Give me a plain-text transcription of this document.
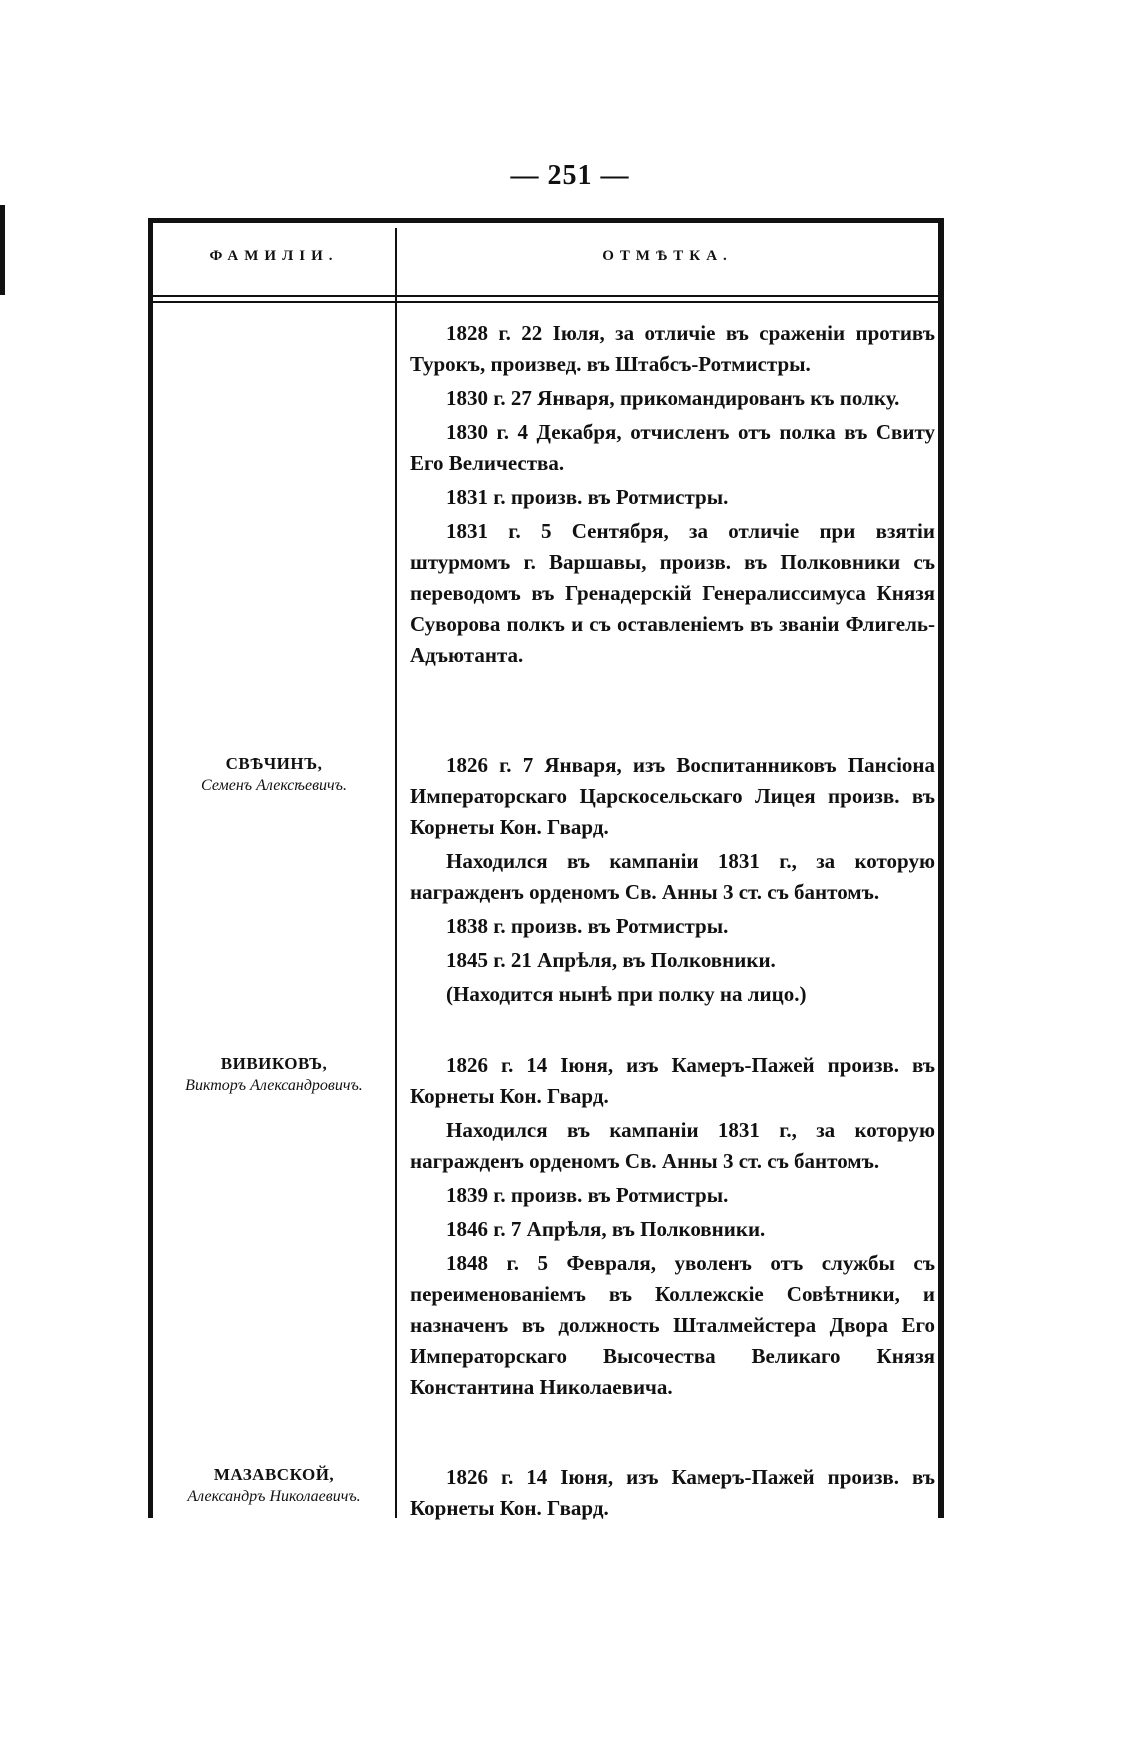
— 251 —
ФАМИЛІИ.	ОТМѢТКА.
СВѢЧИНЪ,
Семенъ Алексѣевичъ.
ВИВИКОВЪ,
Викторъ Александровичъ.
МАЗАВСКОЙ,
Александръ Николаевичъ.

1828 г. 22 Іюля, за отличіе въ сраженіи противъ Турокъ, произвед. въ Штабсъ-Ротмистры.

1830 г. 27 Января, прикомандированъ къ полку.

1830 г. 4 Декабря, отчисленъ отъ полка въ Свиту Его Величества.

1831 г. произв. въ Ротмистры.

1831 г. 5 Сентября, за отличіе при взятіи штурмомъ г. Варшавы, произв. въ Полковники съ переводомъ въ Гренадерскій Генералиссимуса Князя Суворова полкъ и съ оставленіемъ въ званіи Флигель-Адъютанта.

1826 г. 7 Января, изъ Воспитанниковъ Пансіона Императорскаго Царскосельскаго Лицея произв. въ Корнеты Кон. Гвард.

Находился въ кампаніи 1831 г., за которую награжденъ орденомъ Св. Анны 3 ст. съ бантомъ.

1838 г. произв. въ Ротмистры.

1845 г. 21 Апрѣля, въ Полковники.

(Находится нынѣ при полку на лицо.)

1826 г. 14 Іюня, изъ Камеръ-Пажей произв. въ Корнеты Кон. Гвард.

Находился въ кампаніи 1831 г., за которую награжденъ орденомъ Св. Анны 3 ст. съ бантомъ.

1839 г. произв. въ Ротмистры.

1846 г. 7 Апрѣля, въ Полковники.

1848 г. 5 Февраля, уволенъ отъ службы съ переименованіемъ въ Коллежскіе Совѣтники, и назначенъ въ должность Шталмейстера Двора Его Императорскаго Высочества Великаго Князя Константина Николаевича.

1826 г. 14 Іюня, изъ Камеръ-Пажей произв. въ Корнеты Кон. Гвард.
